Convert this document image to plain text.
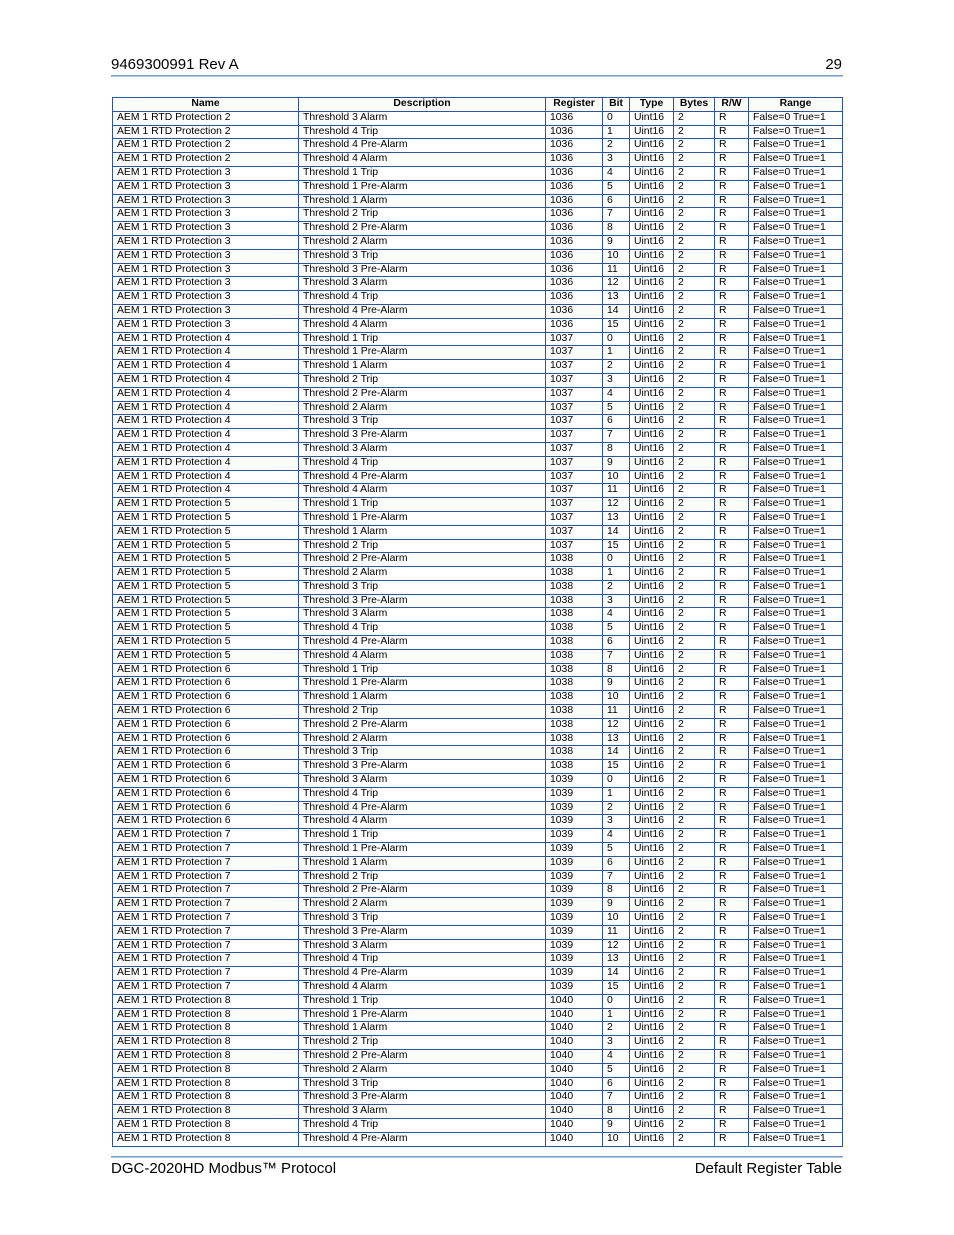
9469300991 Rev A	29
Name	Description	Register	Bit	Type	Bytes	R/W	Range
AEM 1 RTD Protection 2	Threshold 3 Alarm	1036	0	Uint16	2	R	False=0 True=1
AEM 1 RTD Protection 2	Threshold 4 Trip	1036	1	Uint16	2	R	False=0 True=1
AEM 1 RTD Protection 2	Threshold 4 Pre-Alarm	1036	2	Uint16	2	R	False=0 True=1
AEM 1 RTD Protection 2	Threshold 4 Alarm	1036	3	Uint16	2	R	False=0 True=1
AEM 1 RTD Protection 3	Threshold 1 Trip	1036	4	Uint16	2	R	False=0 True=1
AEM 1 RTD Protection 3	Threshold 1 Pre-Alarm	1036	5	Uint16	2	R	False=0 True=1
AEM 1 RTD Protection 3	Threshold 1 Alarm	1036	6	Uint16	2	R	False=0 True=1
AEM 1 RTD Protection 3	Threshold 2 Trip	1036	7	Uint16	2	R	False=0 True=1
AEM 1 RTD Protection 3	Threshold 2 Pre-Alarm	1036	8	Uint16	2	R	False=0 True=1
AEM 1 RTD Protection 3	Threshold 2 Alarm	1036	9	Uint16	2	R	False=0 True=1
AEM 1 RTD Protection 3	Threshold 3 Trip	1036	10	Uint16	2	R	False=0 True=1
AEM 1 RTD Protection 3	Threshold 3 Pre-Alarm	1036	11	Uint16	2	R	False=0 True=1
AEM 1 RTD Protection 3	Threshold 3 Alarm	1036	12	Uint16	2	R	False=0 True=1
AEM 1 RTD Protection 3	Threshold 4 Trip	1036	13	Uint16	2	R	False=0 True=1
AEM 1 RTD Protection 3	Threshold 4 Pre-Alarm	1036	14	Uint16	2	R	False=0 True=1
AEM 1 RTD Protection 3	Threshold 4 Alarm	1036	15	Uint16	2	R	False=0 True=1
AEM 1 RTD Protection 4	Threshold 1 Trip	1037	0	Uint16	2	R	False=0 True=1
AEM 1 RTD Protection 4	Threshold 1 Pre-Alarm	1037	1	Uint16	2	R	False=0 True=1
AEM 1 RTD Protection 4	Threshold 1 Alarm	1037	2	Uint16	2	R	False=0 True=1
AEM 1 RTD Protection 4	Threshold 2 Trip	1037	3	Uint16	2	R	False=0 True=1
AEM 1 RTD Protection 4	Threshold 2 Pre-Alarm	1037	4	Uint16	2	R	False=0 True=1
AEM 1 RTD Protection 4	Threshold 2 Alarm	1037	5	Uint16	2	R	False=0 True=1
AEM 1 RTD Protection 4	Threshold 3 Trip	1037	6	Uint16	2	R	False=0 True=1
AEM 1 RTD Protection 4	Threshold 3 Pre-Alarm	1037	7	Uint16	2	R	False=0 True=1
AEM 1 RTD Protection 4	Threshold 3 Alarm	1037	8	Uint16	2	R	False=0 True=1
AEM 1 RTD Protection 4	Threshold 4 Trip	1037	9	Uint16	2	R	False=0 True=1
AEM 1 RTD Protection 4	Threshold 4 Pre-Alarm	1037	10	Uint16	2	R	False=0 True=1
AEM 1 RTD Protection 4	Threshold 4 Alarm	1037	11	Uint16	2	R	False=0 True=1
AEM 1 RTD Protection 5	Threshold 1 Trip	1037	12	Uint16	2	R	False=0 True=1
AEM 1 RTD Protection 5	Threshold 1 Pre-Alarm	1037	13	Uint16	2	R	False=0 True=1
AEM 1 RTD Protection 5	Threshold 1 Alarm	1037	14	Uint16	2	R	False=0 True=1
AEM 1 RTD Protection 5	Threshold 2 Trip	1037	15	Uint16	2	R	False=0 True=1
AEM 1 RTD Protection 5	Threshold 2 Pre-Alarm	1038	0	Uint16	2	R	False=0 True=1
AEM 1 RTD Protection 5	Threshold 2 Alarm	1038	1	Uint16	2	R	False=0 True=1
AEM 1 RTD Protection 5	Threshold 3 Trip	1038	2	Uint16	2	R	False=0 True=1
AEM 1 RTD Protection 5	Threshold 3 Pre-Alarm	1038	3	Uint16	2	R	False=0 True=1
AEM 1 RTD Protection 5	Threshold 3 Alarm	1038	4	Uint16	2	R	False=0 True=1
AEM 1 RTD Protection 5	Threshold 4 Trip	1038	5	Uint16	2	R	False=0 True=1
AEM 1 RTD Protection 5	Threshold 4 Pre-Alarm	1038	6	Uint16	2	R	False=0 True=1
AEM 1 RTD Protection 5	Threshold 4 Alarm	1038	7	Uint16	2	R	False=0 True=1
AEM 1 RTD Protection 6	Threshold 1 Trip	1038	8	Uint16	2	R	False=0 True=1
AEM 1 RTD Protection 6	Threshold 1 Pre-Alarm	1038	9	Uint16	2	R	False=0 True=1
AEM 1 RTD Protection 6	Threshold 1 Alarm	1038	10	Uint16	2	R	False=0 True=1
AEM 1 RTD Protection 6	Threshold 2 Trip	1038	11	Uint16	2	R	False=0 True=1
AEM 1 RTD Protection 6	Threshold 2 Pre-Alarm	1038	12	Uint16	2	R	False=0 True=1
AEM 1 RTD Protection 6	Threshold 2 Alarm	1038	13	Uint16	2	R	False=0 True=1
AEM 1 RTD Protection 6	Threshold 3 Trip	1038	14	Uint16	2	R	False=0 True=1
AEM 1 RTD Protection 6	Threshold 3 Pre-Alarm	1038	15	Uint16	2	R	False=0 True=1
AEM 1 RTD Protection 6	Threshold 3 Alarm	1039	0	Uint16	2	R	False=0 True=1
AEM 1 RTD Protection 6	Threshold 4 Trip	1039	1	Uint16	2	R	False=0 True=1
AEM 1 RTD Protection 6	Threshold 4 Pre-Alarm	1039	2	Uint16	2	R	False=0 True=1
AEM 1 RTD Protection 6	Threshold 4 Alarm	1039	3	Uint16	2	R	False=0 True=1
AEM 1 RTD Protection 7	Threshold 1 Trip	1039	4	Uint16	2	R	False=0 True=1
AEM 1 RTD Protection 7	Threshold 1 Pre-Alarm	1039	5	Uint16	2	R	False=0 True=1
AEM 1 RTD Protection 7	Threshold 1 Alarm	1039	6	Uint16	2	R	False=0 True=1
AEM 1 RTD Protection 7	Threshold 2 Trip	1039	7	Uint16	2	R	False=0 True=1
AEM 1 RTD Protection 7	Threshold 2 Pre-Alarm	1039	8	Uint16	2	R	False=0 True=1
AEM 1 RTD Protection 7	Threshold 2 Alarm	1039	9	Uint16	2	R	False=0 True=1
AEM 1 RTD Protection 7	Threshold 3 Trip	1039	10	Uint16	2	R	False=0 True=1
AEM 1 RTD Protection 7	Threshold 3 Pre-Alarm	1039	11	Uint16	2	R	False=0 True=1
AEM 1 RTD Protection 7	Threshold 3 Alarm	1039	12	Uint16	2	R	False=0 True=1
AEM 1 RTD Protection 7	Threshold 4 Trip	1039	13	Uint16	2	R	False=0 True=1
AEM 1 RTD Protection 7	Threshold 4 Pre-Alarm	1039	14	Uint16	2	R	False=0 True=1
AEM 1 RTD Protection 7	Threshold 4 Alarm	1039	15	Uint16	2	R	False=0 True=1
AEM 1 RTD Protection 8	Threshold 1 Trip	1040	0	Uint16	2	R	False=0 True=1
AEM 1 RTD Protection 8	Threshold 1 Pre-Alarm	1040	1	Uint16	2	R	False=0 True=1
AEM 1 RTD Protection 8	Threshold 1 Alarm	1040	2	Uint16	2	R	False=0 True=1
AEM 1 RTD Protection 8	Threshold 2 Trip	1040	3	Uint16	2	R	False=0 True=1
AEM 1 RTD Protection 8	Threshold 2 Pre-Alarm	1040	4	Uint16	2	R	False=0 True=1
AEM 1 RTD Protection 8	Threshold 2 Alarm	1040	5	Uint16	2	R	False=0 True=1
AEM 1 RTD Protection 8	Threshold 3 Trip	1040	6	Uint16	2	R	False=0 True=1
AEM 1 RTD Protection 8	Threshold 3 Pre-Alarm	1040	7	Uint16	2	R	False=0 True=1
AEM 1 RTD Protection 8	Threshold 3 Alarm	1040	8	Uint16	2	R	False=0 True=1
AEM 1 RTD Protection 8	Threshold 4 Trip	1040	9	Uint16	2	R	False=0 True=1
AEM 1 RTD Protection 8	Threshold 4 Pre-Alarm	1040	10	Uint16	2	R	False=0 True=1
DGC-2020HD Modbus™ Protocol	Default Register Table
